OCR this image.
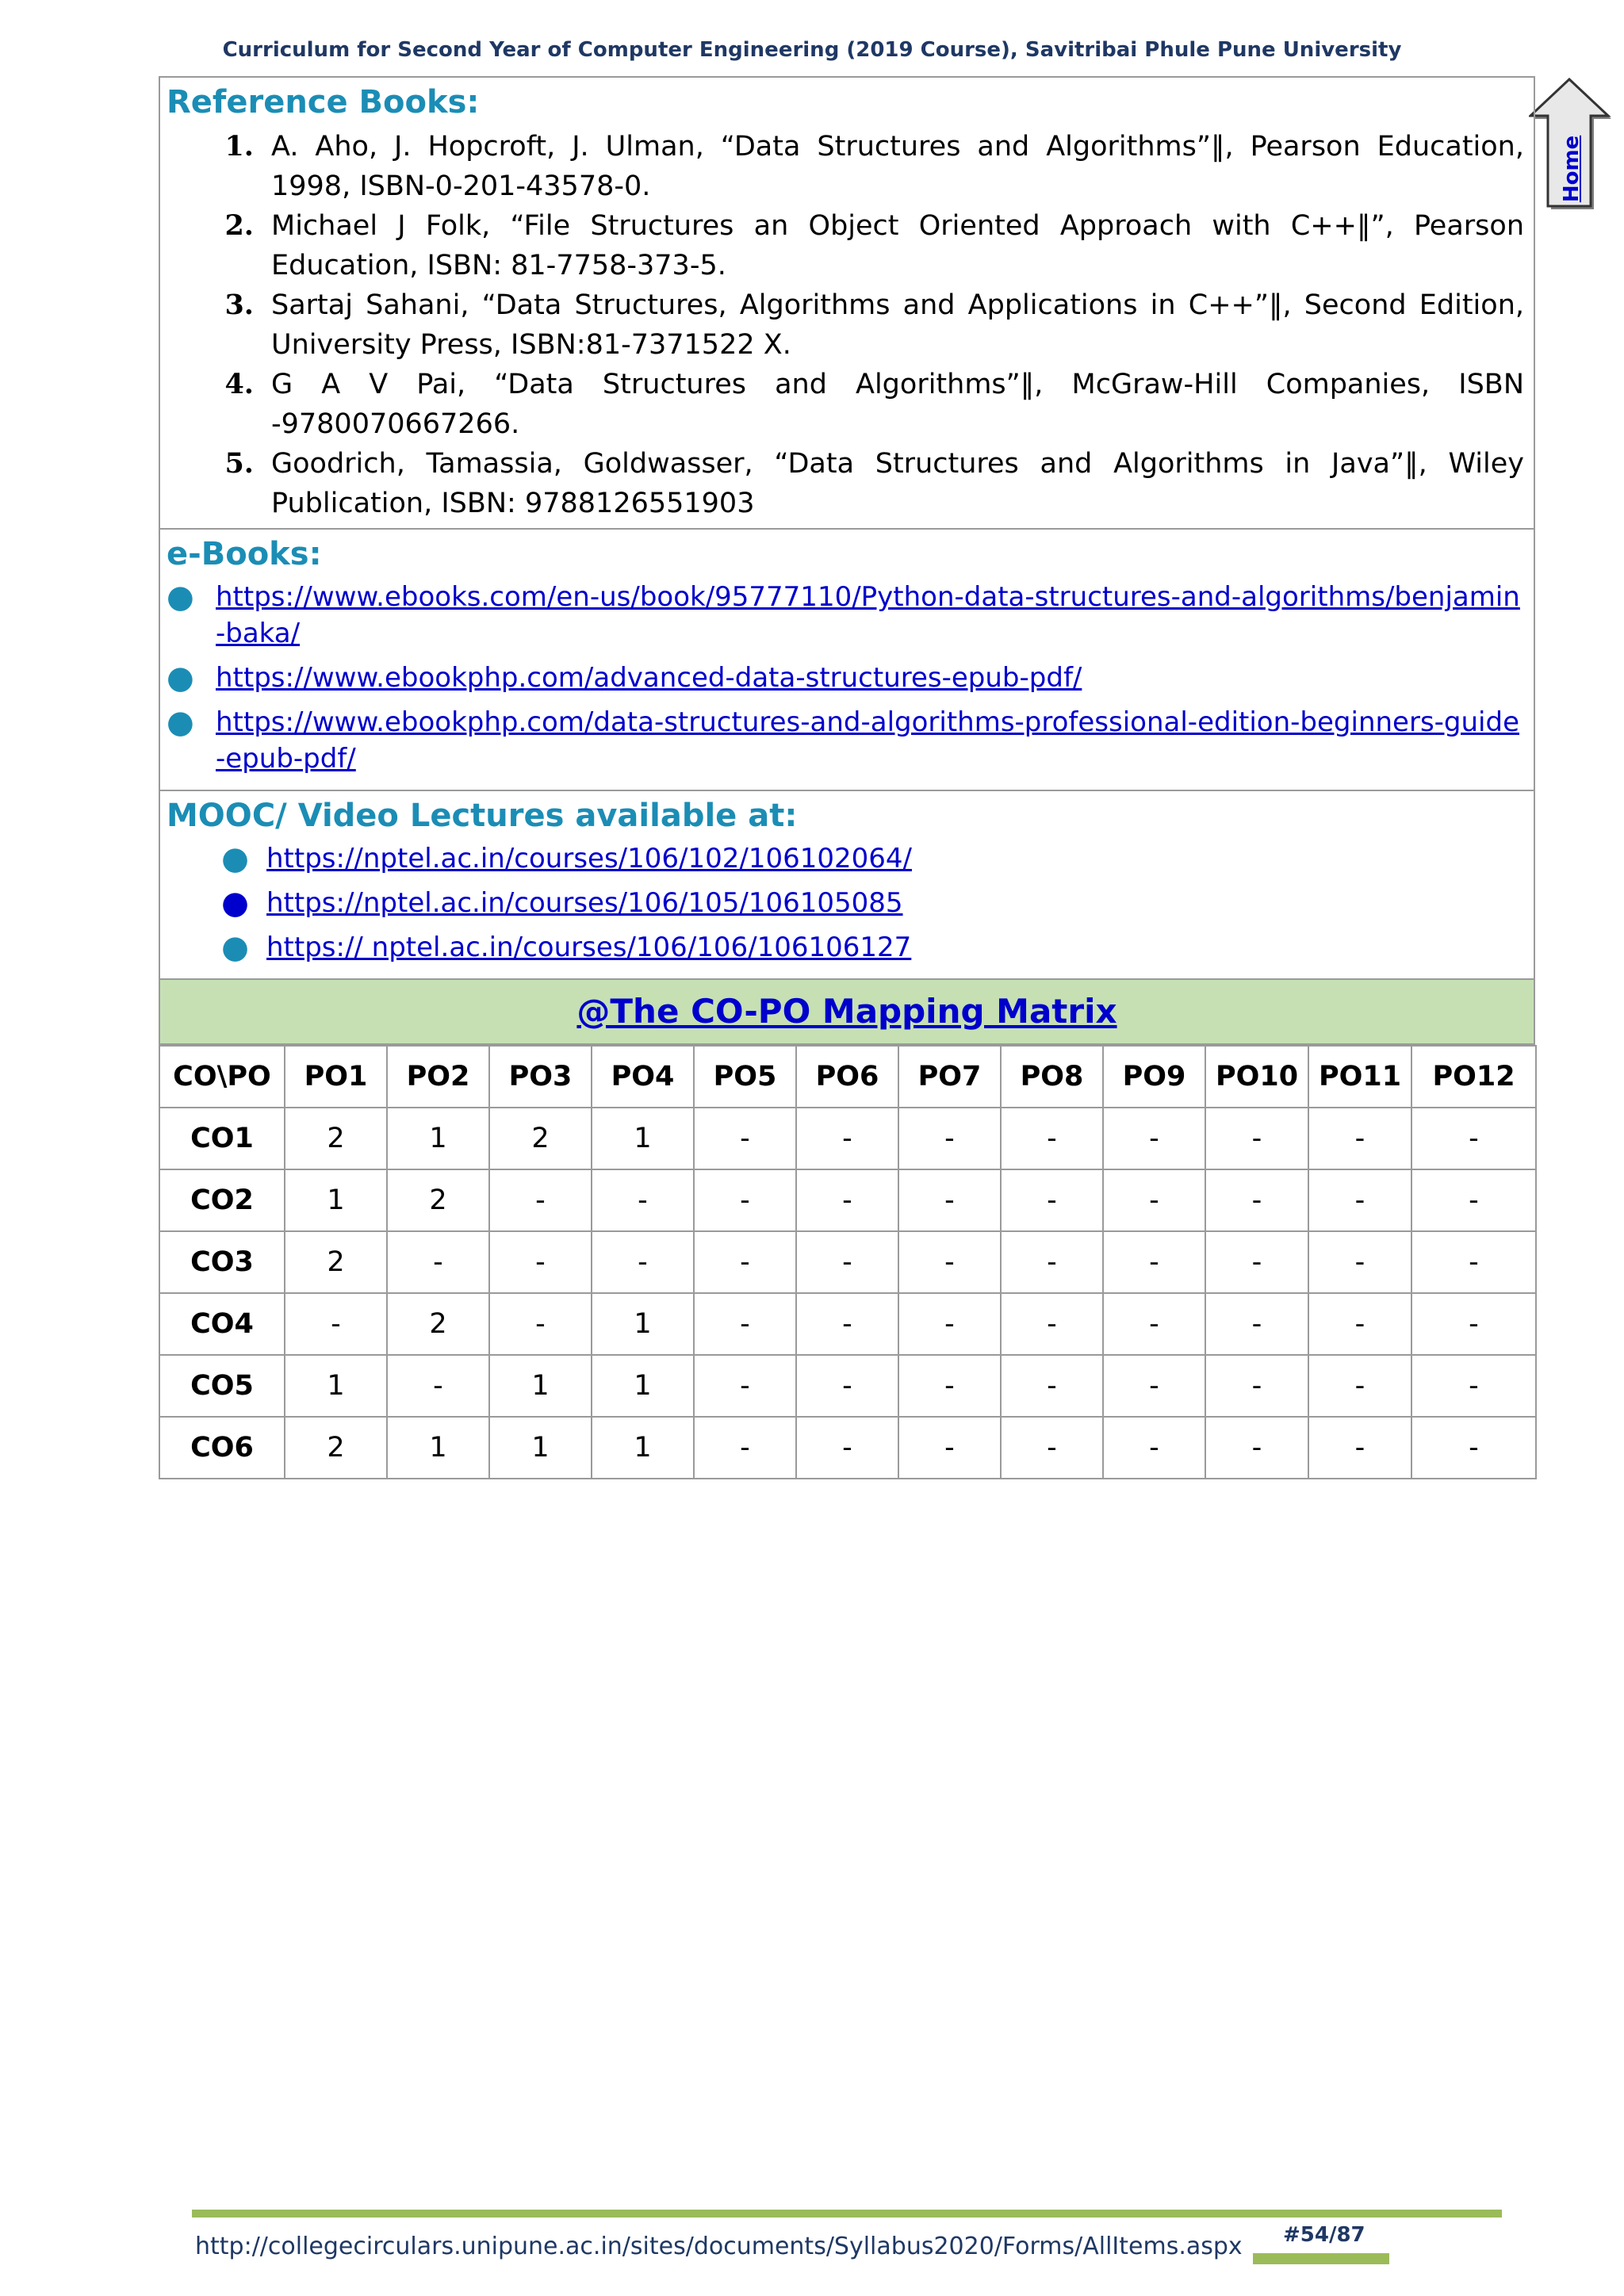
Curriculum for Second Year of Computer Engineering (2019 Course), Savitribai Phule Pune University
Home
Reference Books:
1. A. Aho, J. Hopcroft, J. Ulman, “Data Structures and Algorithms”‖, Pearson Education, 1998, ISBN-0-201-43578-0.
2. Michael J Folk, “File Structures an Object Oriented Approach with C++‖”, Pearson Education, ISBN: 81-7758-373-5.
3. Sartaj Sahani, “Data Structures, Algorithms and Applications in C++”‖, Second Edition, University Press, ISBN:81-7371522 X.
4. G A V Pai, “Data Structures and Algorithms”‖, McGraw-Hill Companies, ISBN -9780070667266.
5. Goodrich, Tamassia, Goldwasser, “Data Structures and Algorithms in Java”‖, Wiley Publication, ISBN: 9788126551903
e-Books:
● https://www.ebooks.com/en-us/book/95777110/Python-data-structures-and-algorithms/benjamin-baka/
● https://www.ebookphp.com/advanced-data-structures-epub-pdf/
● https://www.ebookphp.com/data-structures-and-algorithms-professional-edition-beginners-guide-epub-pdf/
MOOC/ Video Lectures available at:
● https://nptel.ac.in/courses/106/102/106102064/
● https://nptel.ac.in/courses/106/105/106105085
● https:// nptel.ac.in/courses/106/106/106106127
@The CO-PO Mapping Matrix
CO\PO	PO1	PO2	PO3	PO4	PO5	PO6	PO7	PO8	PO9	PO10	PO11	PO12
CO1	2	1	2	1	-	-	-	-	-	-	-	-
CO2	1	2	-	-	-	-	-	-	-	-	-	-
CO3	2	-	-	-	-	-	-	-	-	-	-	-
CO4	-	2	-	1	-	-	-	-	-	-	-	-
CO5	1	-	1	1	-	-	-	-	-	-	-	-
CO6	2	1	1	1	-	-	-	-	-	-	-	-
http://collegecirculars.unipune.ac.in/sites/documents/Syllabus2020/Forms/AllItems.aspx #54/87
